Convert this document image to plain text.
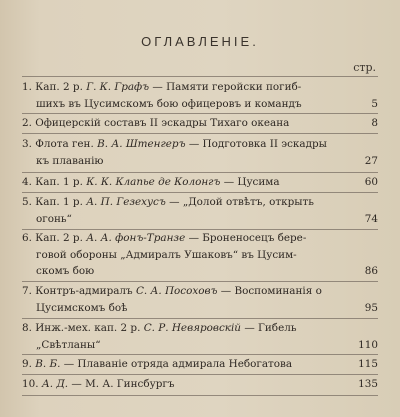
ОГЛАВЛЕНІЕ.
стр.
1. Кап. 2 р. Г. К. Графъ — Памяти геройски погиб-
шихъ въ Цусимскомъ бою офицеровъ и командъ	5
2. Офицерскій составъ II эскадры Тихаго океана	8
3. Флота ген. В. А. Штенгеръ — Подготовка II эскадры
къ плаванію	27
4. Кап. 1 р. К. К. Клапье де Колонгъ — Цусима	60
5. Кап. 1 р. А. П. Гезехусъ — „Долой отвѣтъ, открыть
огонь“	74
6. Кап. 2 р. А. А. фонъ-Транзе — Броненосецъ бере-
говой обороны „Адмиралъ Ушаковъ“ въ Цусим-
скомъ бою	86
7. Контръ-адмиралъ С. А. Посоховъ — Воспоминанія о
Цусимскомъ боѣ	95
8. Инж.-мех. кап. 2 р. С. Р. Невяровскій — Гибель
„Свѣтланы“	110
9. В. Б. — Плаваніе отряда адмирала Небогатова	115
10. А. Д. — М. А. Гинсбургъ	135
